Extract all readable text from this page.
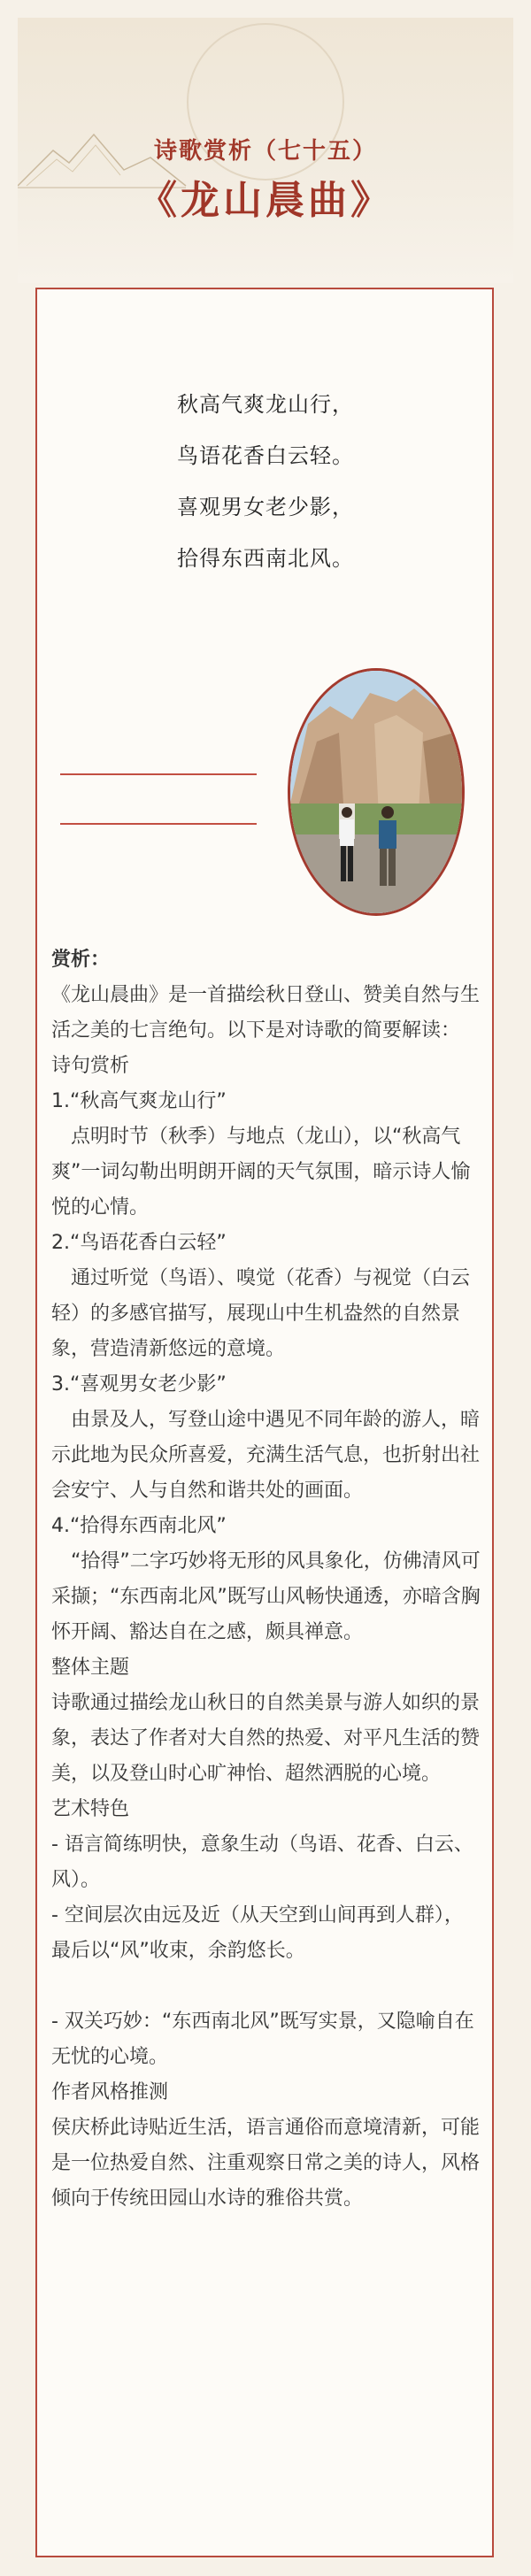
诗歌赏析（七十五）
《龙山晨曲》
秋高气爽龙山行，
鸟语花香白云轻。
喜观男女老少影，
拾得东西南北风。

赏析：

《龙山晨曲》是一首描绘秋日登山、赞美自然与生活之美的七言绝句。以下是对诗歌的简要解读：

诗句赏析

1.“秋高气爽龙山行”

　点明时节（秋季）与地点（龙山），以“秋高气爽”一词勾勒出明朗开阔的天气氛围，暗示诗人愉悦的心情。

2.“鸟语花香白云轻”

　通过听觉（鸟语）、嗅觉（花香）与视觉（白云轻）的多感官描写，展现山中生机盎然的自然景象，营造清新悠远的意境。

3.“喜观男女老少影”

　由景及人，写登山途中遇见不同年龄的游人，暗示此地为民众所喜爱，充满生活气息，也折射出社会安宁、人与自然和谐共处的画面。

4.“拾得东西南北风”

　“拾得”二字巧妙将无形的风具象化，仿佛清风可采撷；“东西南北风”既写山风畅快通透，亦暗含胸怀开阔、豁达自在之感，颇具禅意。

整体主题

诗歌通过描绘龙山秋日的自然美景与游人如织的景象，表达了作者对大自然的热爱、对平凡生活的赞美，以及登山时心旷神怡、超然洒脱的心境。

艺术特色

- 语言简练明快，意象生动（鸟语、花香、白云、风）。

- 空间层次由远及近（从天空到山间再到人群），最后以“风”收束，余韵悠长。

- 双关巧妙：“东西南北风”既写实景，又隐喻自在无忧的心境。

作者风格推测

侯庆桥此诗贴近生活，语言通俗而意境清新，可能是一位热爱自然、注重观察日常之美的诗人，风格倾向于传统田园山水诗的雅俗共赏。
